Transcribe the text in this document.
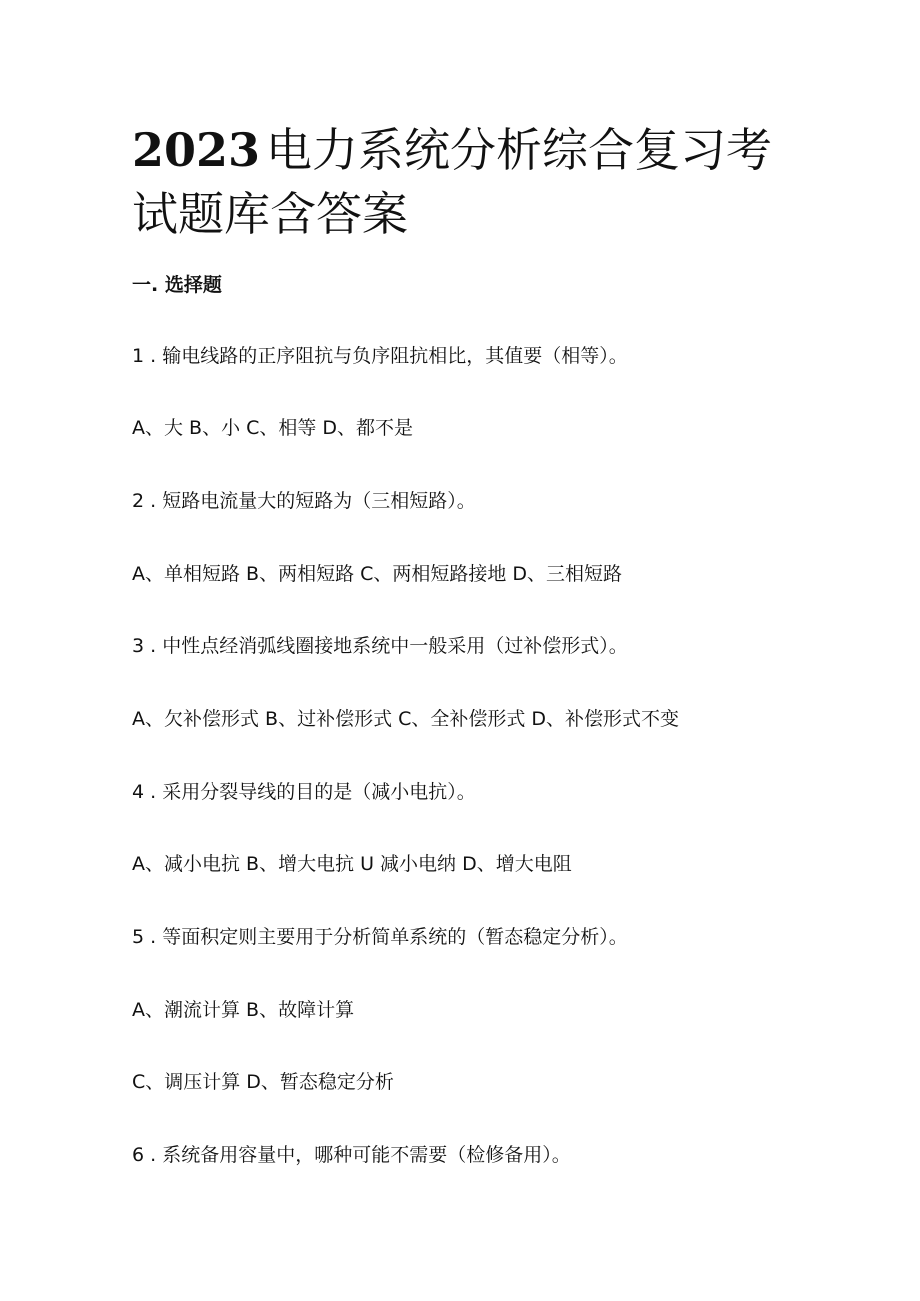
2023 电力系统分析综合复习考试题库含答案
一. 选择题
1 . 输电线路的正序阻抗与负序阻抗相比，其值要（相等）。
A、大 B、小 C、相等 D、都不是
2 . 短路电流量大的短路为（三相短路）。
A、单相短路 B、两相短路 C、两相短路接地 D、三相短路
3 . 中性点经消弧线圈接地系统中一般采用（过补偿形式）。
A、欠补偿形式 B、过补偿形式 C、全补偿形式 D、补偿形式不变
4 . 采用分裂导线的目的是（减小电抗）。
A、减小电抗 B、增大电抗 U 减小电纳 D、增大电阻
5 . 等面积定则主要用于分析简单系统的（暂态稳定分析）。
A、潮流计算 B、故障计算
C、调压计算 D、暂态稳定分析
6 . 系统备用容量中，哪种可能不需要（检修备用）。
